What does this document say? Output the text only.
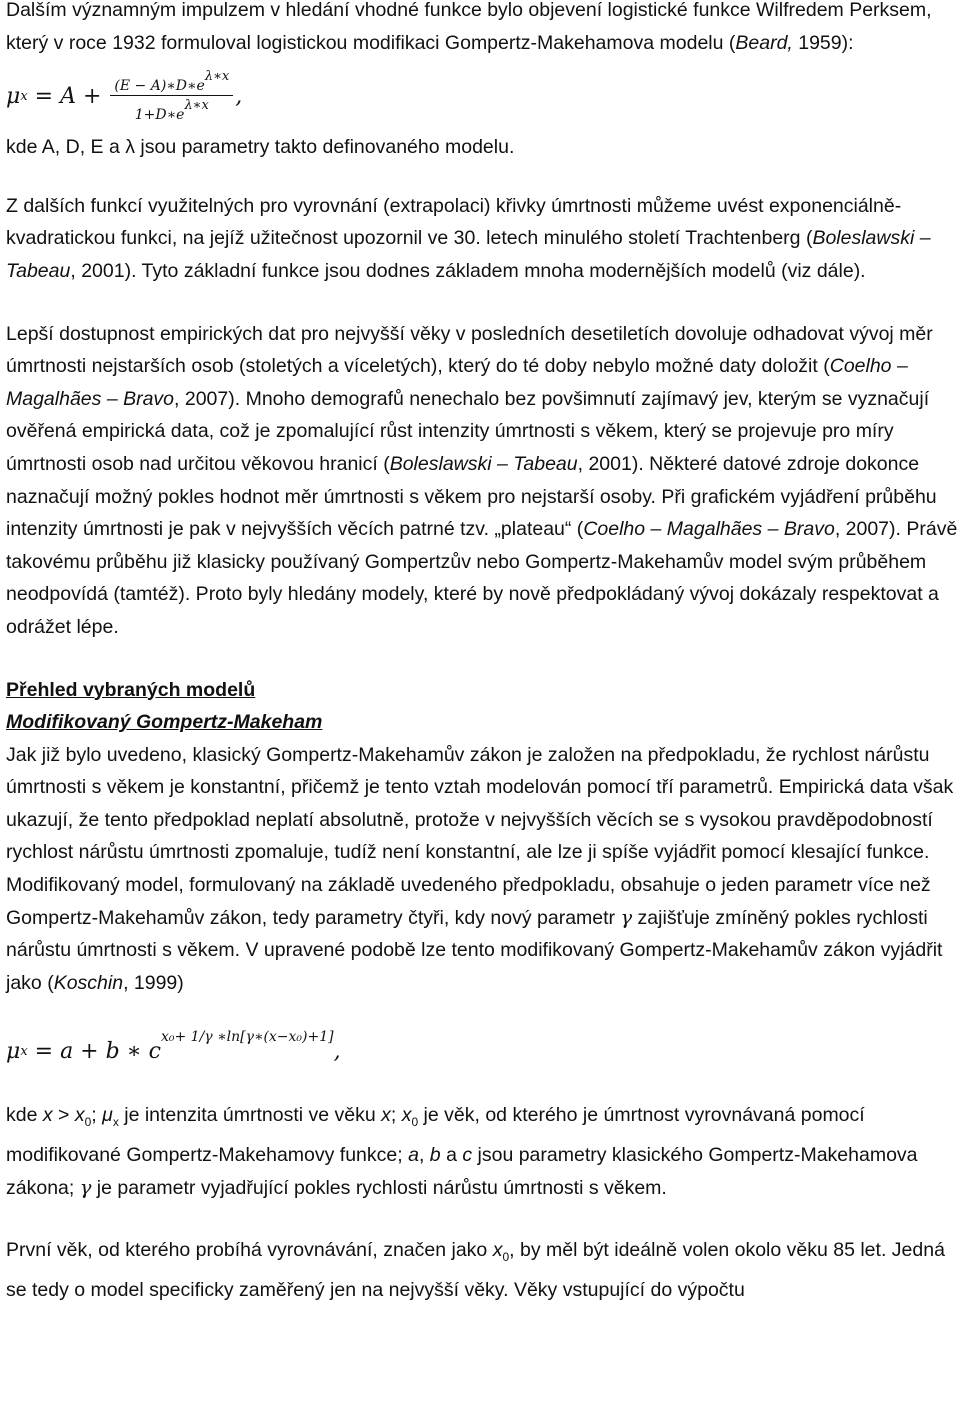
Dalším významným impulzem v hledání vhodné funkce bylo objevení logistické funkce Wilfredem Perksem, který v roce 1932 formuloval logistickou modifikaci Gompertz-Makehamova modelu (Beard, 1959):

μ $x = A + \frac{(E - A)∗D∗e\lambda∗x}{1+D∗e\lambda∗x}$ ,

kde A, D, E a λ jsou parametry takto definovaného modelu.

Z dalších funkcí využitelných pro vyrovnání (extrapolaci) křivky úmrtnosti můžeme uvést exponenciálně-kvadratickou funkci, na jejíž užitečnost upozornil ve 30. letech minulého století Trachtenberg (Boleslawski – Tabeau, 2001). Tyto základní funkce jsou dodnes základem mnoha modernějších modelů (viz dále).

Lepší dostupnost empirických dat pro nejvyšší věky v posledních desetiletích dovoluje odhadovat vývoj měr úmrtnosti nejstarších osob (stoletých a víceletých), který do té doby nebylo možné daty doložit (Coelho – Magalhães – Bravo, 2007). Mnoho demografů nenechalo bez povšimnutí zajímavý jev, kterým se vyznačují ověřená empirická data, což je zpomalující růst intenzity úmrtnosti s věkem, který se projevuje pro míry úmrtnosti osob nad určitou věkovou hranicí (Boleslawski – Tabeau, 2001). Některé datové zdroje dokonce naznačují možný pokles hodnot měr úmrtnosti s věkem pro nejstarší osoby. Při grafickém vyjádření průběhu intenzity úmrtnosti je pak v nejvyšších věcích patrné tzv. „plateau“ (Coelho – Magalhães – Bravo, 2007). Právě takovému průběhu již klasicky používaný Gompertzův nebo Gompertz-Makehamův model svým průběhem neodpovídá (tamtéž). Proto byly hledány modely, které by nově předpokládaný vývoj dokázaly respektovat a odrážet lépe.

Přehled vybraných modelů

Modifikovaný Gompertz-Makeham

Jak již bylo uvedeno, klasický Gompertz-Makehamův zákon je založen na předpokladu, že rychlost nárůstu úmrtnosti s věkem je konstantní, přičemž je tento vztah modelován pomocí tří parametrů. Empirická data však ukazují, že tento předpoklad neplatí absolutně, protože v nejvyšších věcích se s vysokou pravděpodobností rychlost nárůstu úmrtnosti zpomaluje, tudíž není konstantní, ale lze ji spíše vyjádřit pomocí klesající funkce. Modifikovaný model, formulovaný na základě uvedeného předpokladu, obsahuje o jeden parametr více než Gompertz-Makehamův zákon, tedy parametry čtyři, kdy nový parametr γ zajišťuje zmíněný pokles rychlosti nárůstu úmrtnosti s věkem. V upravené podobě lze tento modifikovaný Gompertz-Makehamův zákon vyjádřit jako (Koschin, 1999)

μ x = a + b ∗ c
x₀+ 1/γ ∗ln[γ∗(x−x₀)+1]
,

kde $x > x_0$; $\mu_x$ je intenzita úmrtnosti ve věku x; $x_0$ je věk, od kterého je úmrtnost vyrovnávaná pomocí modifikované Gompertz-Makehamovy funkce; a, b a c jsou parametry klasického Gompertz-Makehamova zákona; γ je parametr vyjadřující pokles rychlosti nárůstu úmrtnosti s věkem.

První věk, od kterého probíhá vyrovnávání, značen jako $x_0$, by měl být ideálně volen okolo věku 85 let. Jedná se tedy o model specificky zaměřený jen na nejvyšší věky. Věky vstupující do výpočtu
